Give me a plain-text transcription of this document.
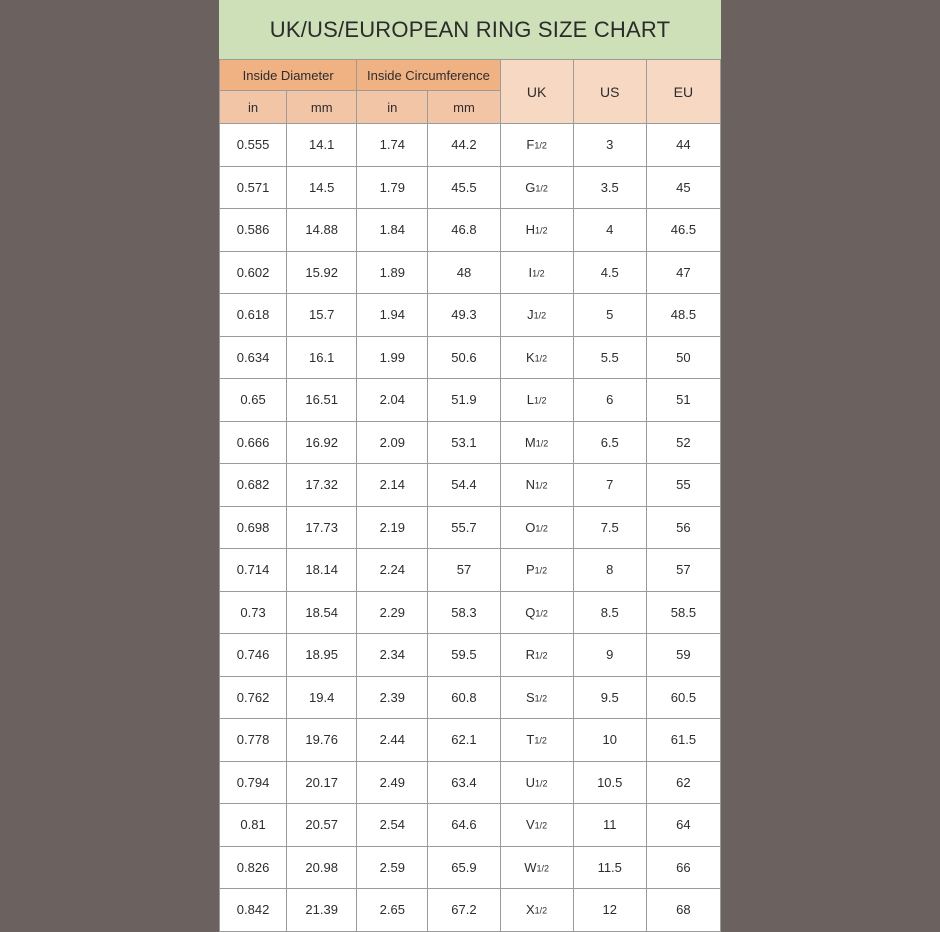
UK/US/EUROPEAN RING SIZE CHART
Inside Diameter		Inside Circumference		UK	US	EU
in	mm	in	mm			
0.555	14.1	1.74	44.2	F1/2	3	44
0.571	14.5	1.79	45.5	G1/2	3.5	45
0.586	14.88	1.84	46.8	H1/2	4	46.5
0.602	15.92	1.89	48	I1/2	4.5	47
0.618	15.7	1.94	49.3	J1/2	5	48.5
0.634	16.1	1.99	50.6	K1/2	5.5	50
0.65	16.51	2.04	51.9	L1/2	6	51
0.666	16.92	2.09	53.1	M1/2	6.5	52
0.682	17.32	2.14	54.4	N1/2	7	55
0.698	17.73	2.19	55.7	O1/2	7.5	56
0.714	18.14	2.24	57	P1/2	8	57
0.73	18.54	2.29	58.3	Q1/2	8.5	58.5
0.746	18.95	2.34	59.5	R1/2	9	59
0.762	19.4	2.39	60.8	S1/2	9.5	60.5
0.778	19.76	2.44	62.1	T1/2	10	61.5
0.794	20.17	2.49	63.4	U1/2	10.5	62
0.81	20.57	2.54	64.6	V1/2	11	64
0.826	20.98	2.59	65.9	W1/2	11.5	66
0.842	21.39	2.65	67.2	X1/2	12	68
